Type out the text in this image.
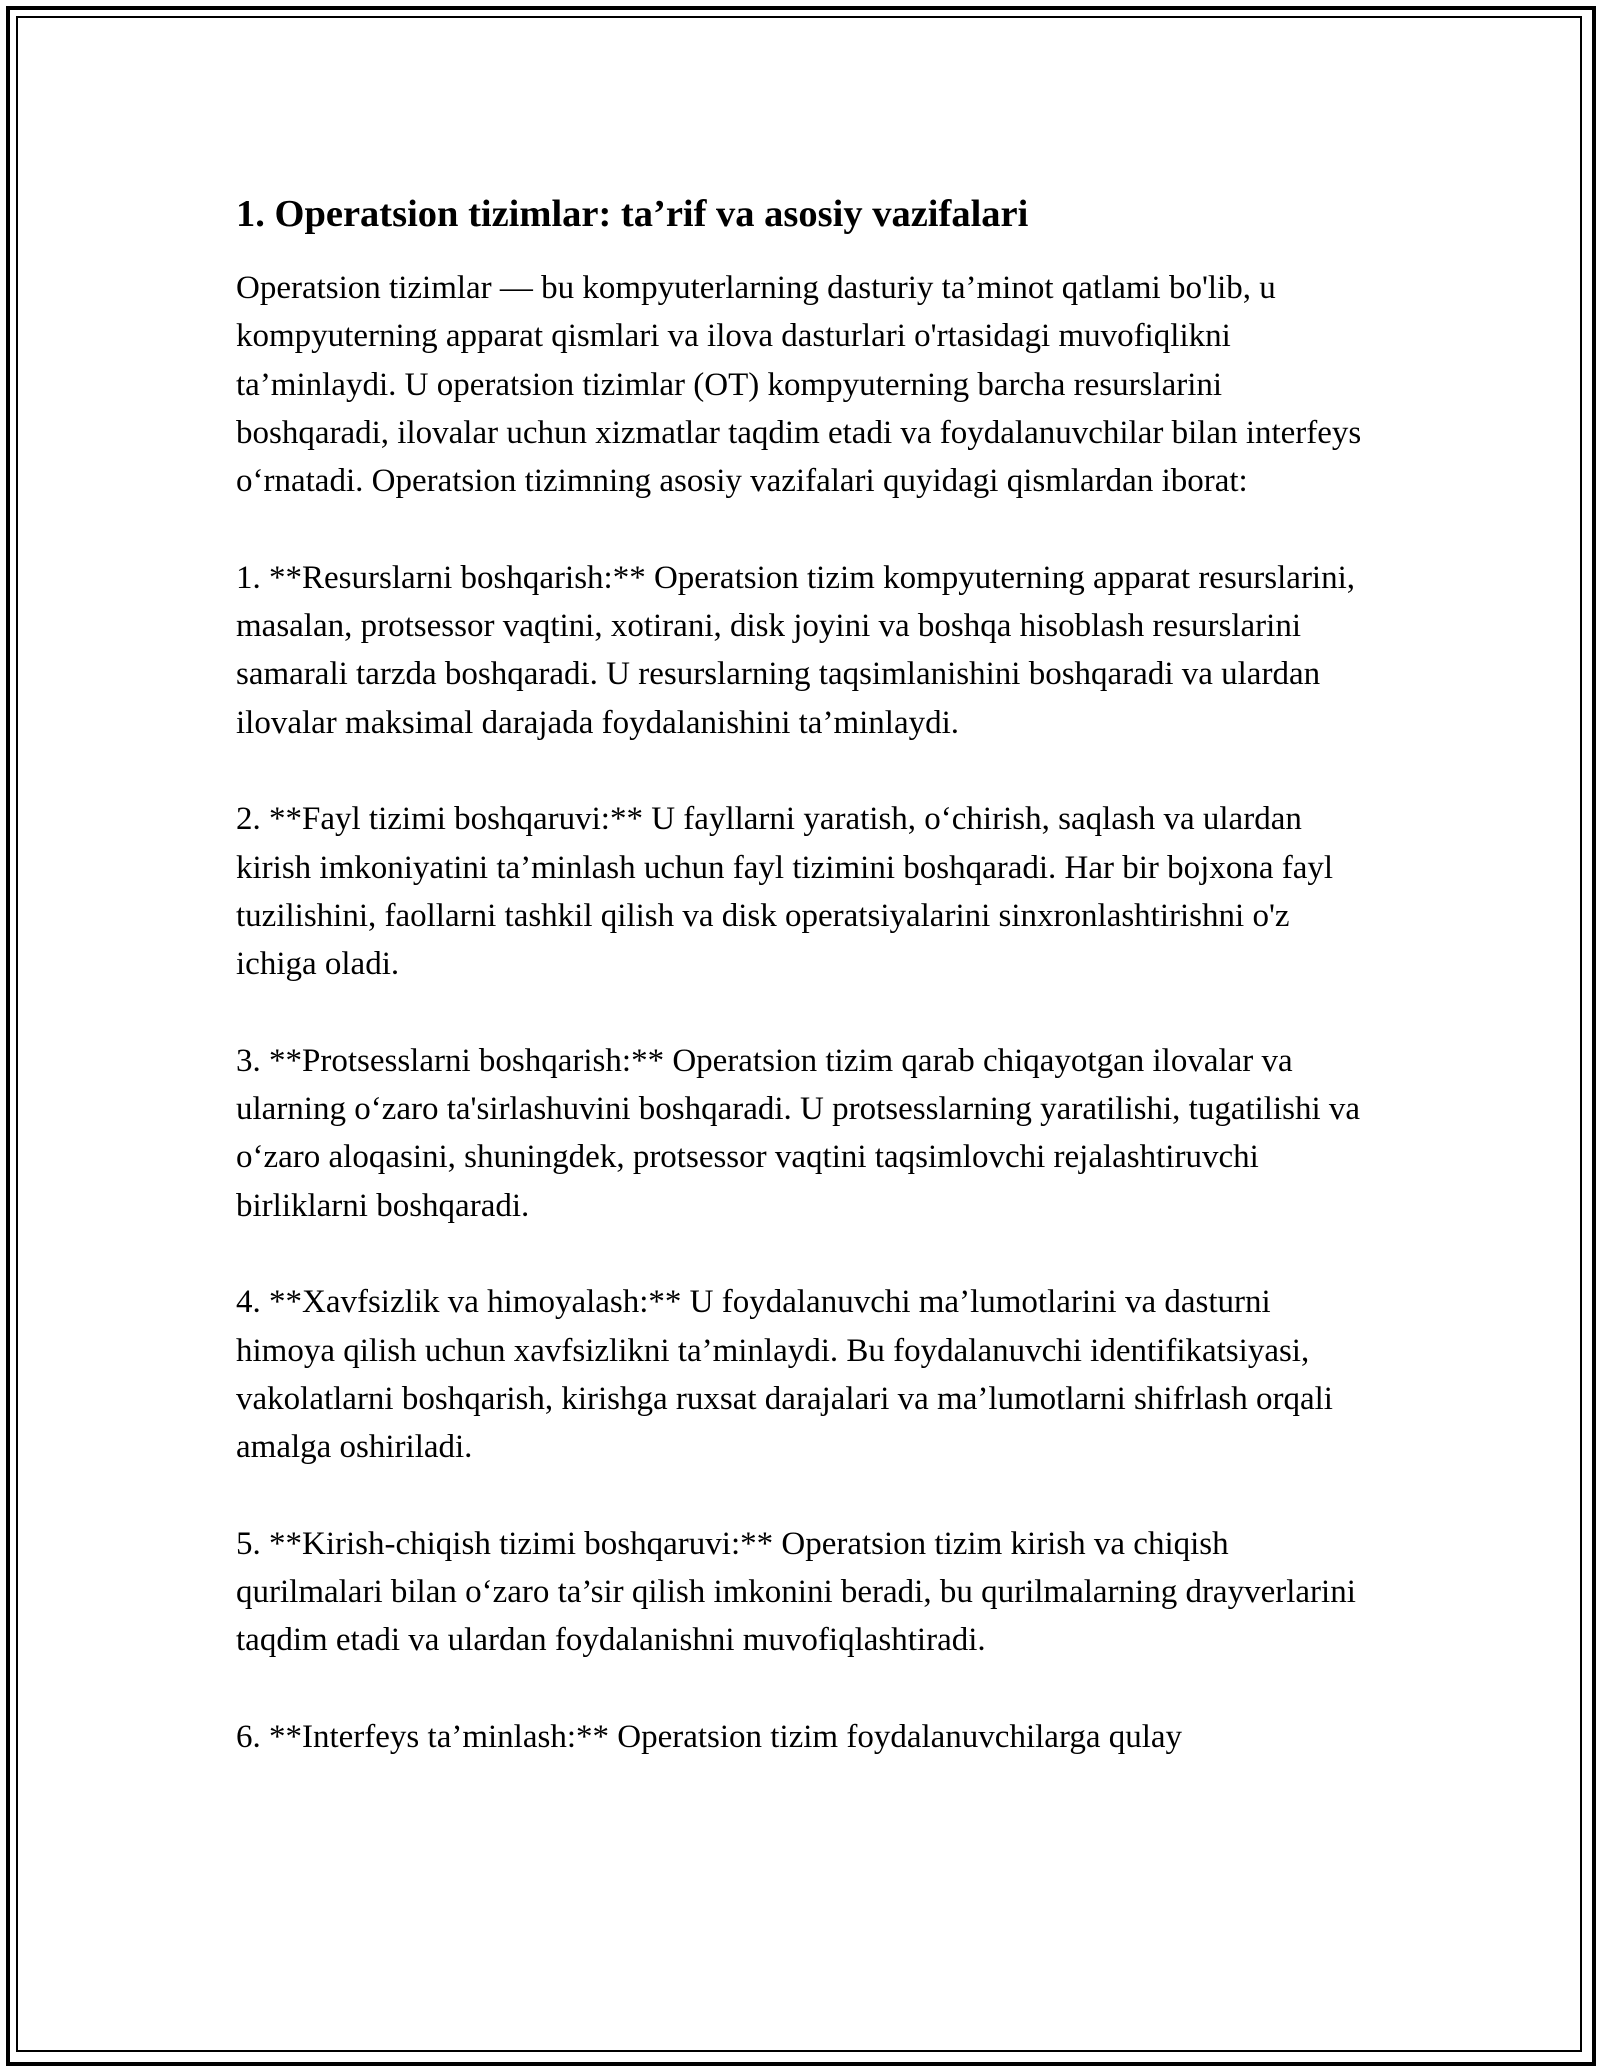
1. Operatsion tizimlar: ta’rif va asosiy vazifalari

Operatsion tizimlar — bu kompyuterlarning dasturiy ta’minot qatlami bo'lib, u kompyuterning apparat qismlari va ilova dasturlari o'rtasidagi muvofiqlikni ta’minlaydi. U operatsion tizimlar (OT) kompyuterning barcha resurslarini boshqaradi, ilovalar uchun xizmatlar taqdim etadi va foydalanuvchilar bilan interfeys oʻrnatadi. Operatsion tizimning asosiy vazifalari quyidagi qismlardan iborat:

1. **Resurslarni boshqarish:** Operatsion tizim kompyuterning apparat resurslarini, masalan, protsessor vaqtini, xotirani, disk joyini va boshqa hisoblash resurslarini samarali tarzda boshqaradi. U resurslarning taqsimlanishini boshqaradi va ulardan ilovalar maksimal darajada foydalanishini ta’minlaydi.

2. **Fayl tizimi boshqaruvi:** U fayllarni yaratish, oʻchirish, saqlash va ulardan kirish imkoniyatini ta’minlash uchun fayl tizimini boshqaradi. Har bir bojxona fayl tuzilishini, faollarni tashkil qilish va disk operatsiyalarini sinxronlashtirishni o'z ichiga oladi.

3. **Protsesslarni boshqarish:** Operatsion tizim qarab chiqayotgan ilovalar va ularning oʻzaro ta'sirlashuvini boshqaradi. U protsesslarning yaratilishi, tugatilishi va oʻzaro aloqasini, shuningdek, protsessor vaqtini taqsimlovchi rejalashtiruvchi birliklarni boshqaradi.

4. **Xavfsizlik va himoyalash:** U foydalanuvchi ma’lumotlarini va dasturni himoya qilish uchun xavfsizlikni ta’minlaydi. Bu foydalanuvchi identifikatsiyasi, vakolatlarni boshqarish, kirishga ruxsat darajalari va ma’lumotlarni shifrlash orqali amalga oshiriladi.

5. **Kirish-chiqish tizimi boshqaruvi:** Operatsion tizim kirish va chiqish qurilmalari bilan oʻzaro ta’sir qilish imkonini beradi, bu qurilmalarning drayverlarini taqdim etadi va ulardan foydalanishni muvofiqlashtiradi.

6. **Interfeys ta’minlash:** Operatsion tizim foydalanuvchilarga qulay
